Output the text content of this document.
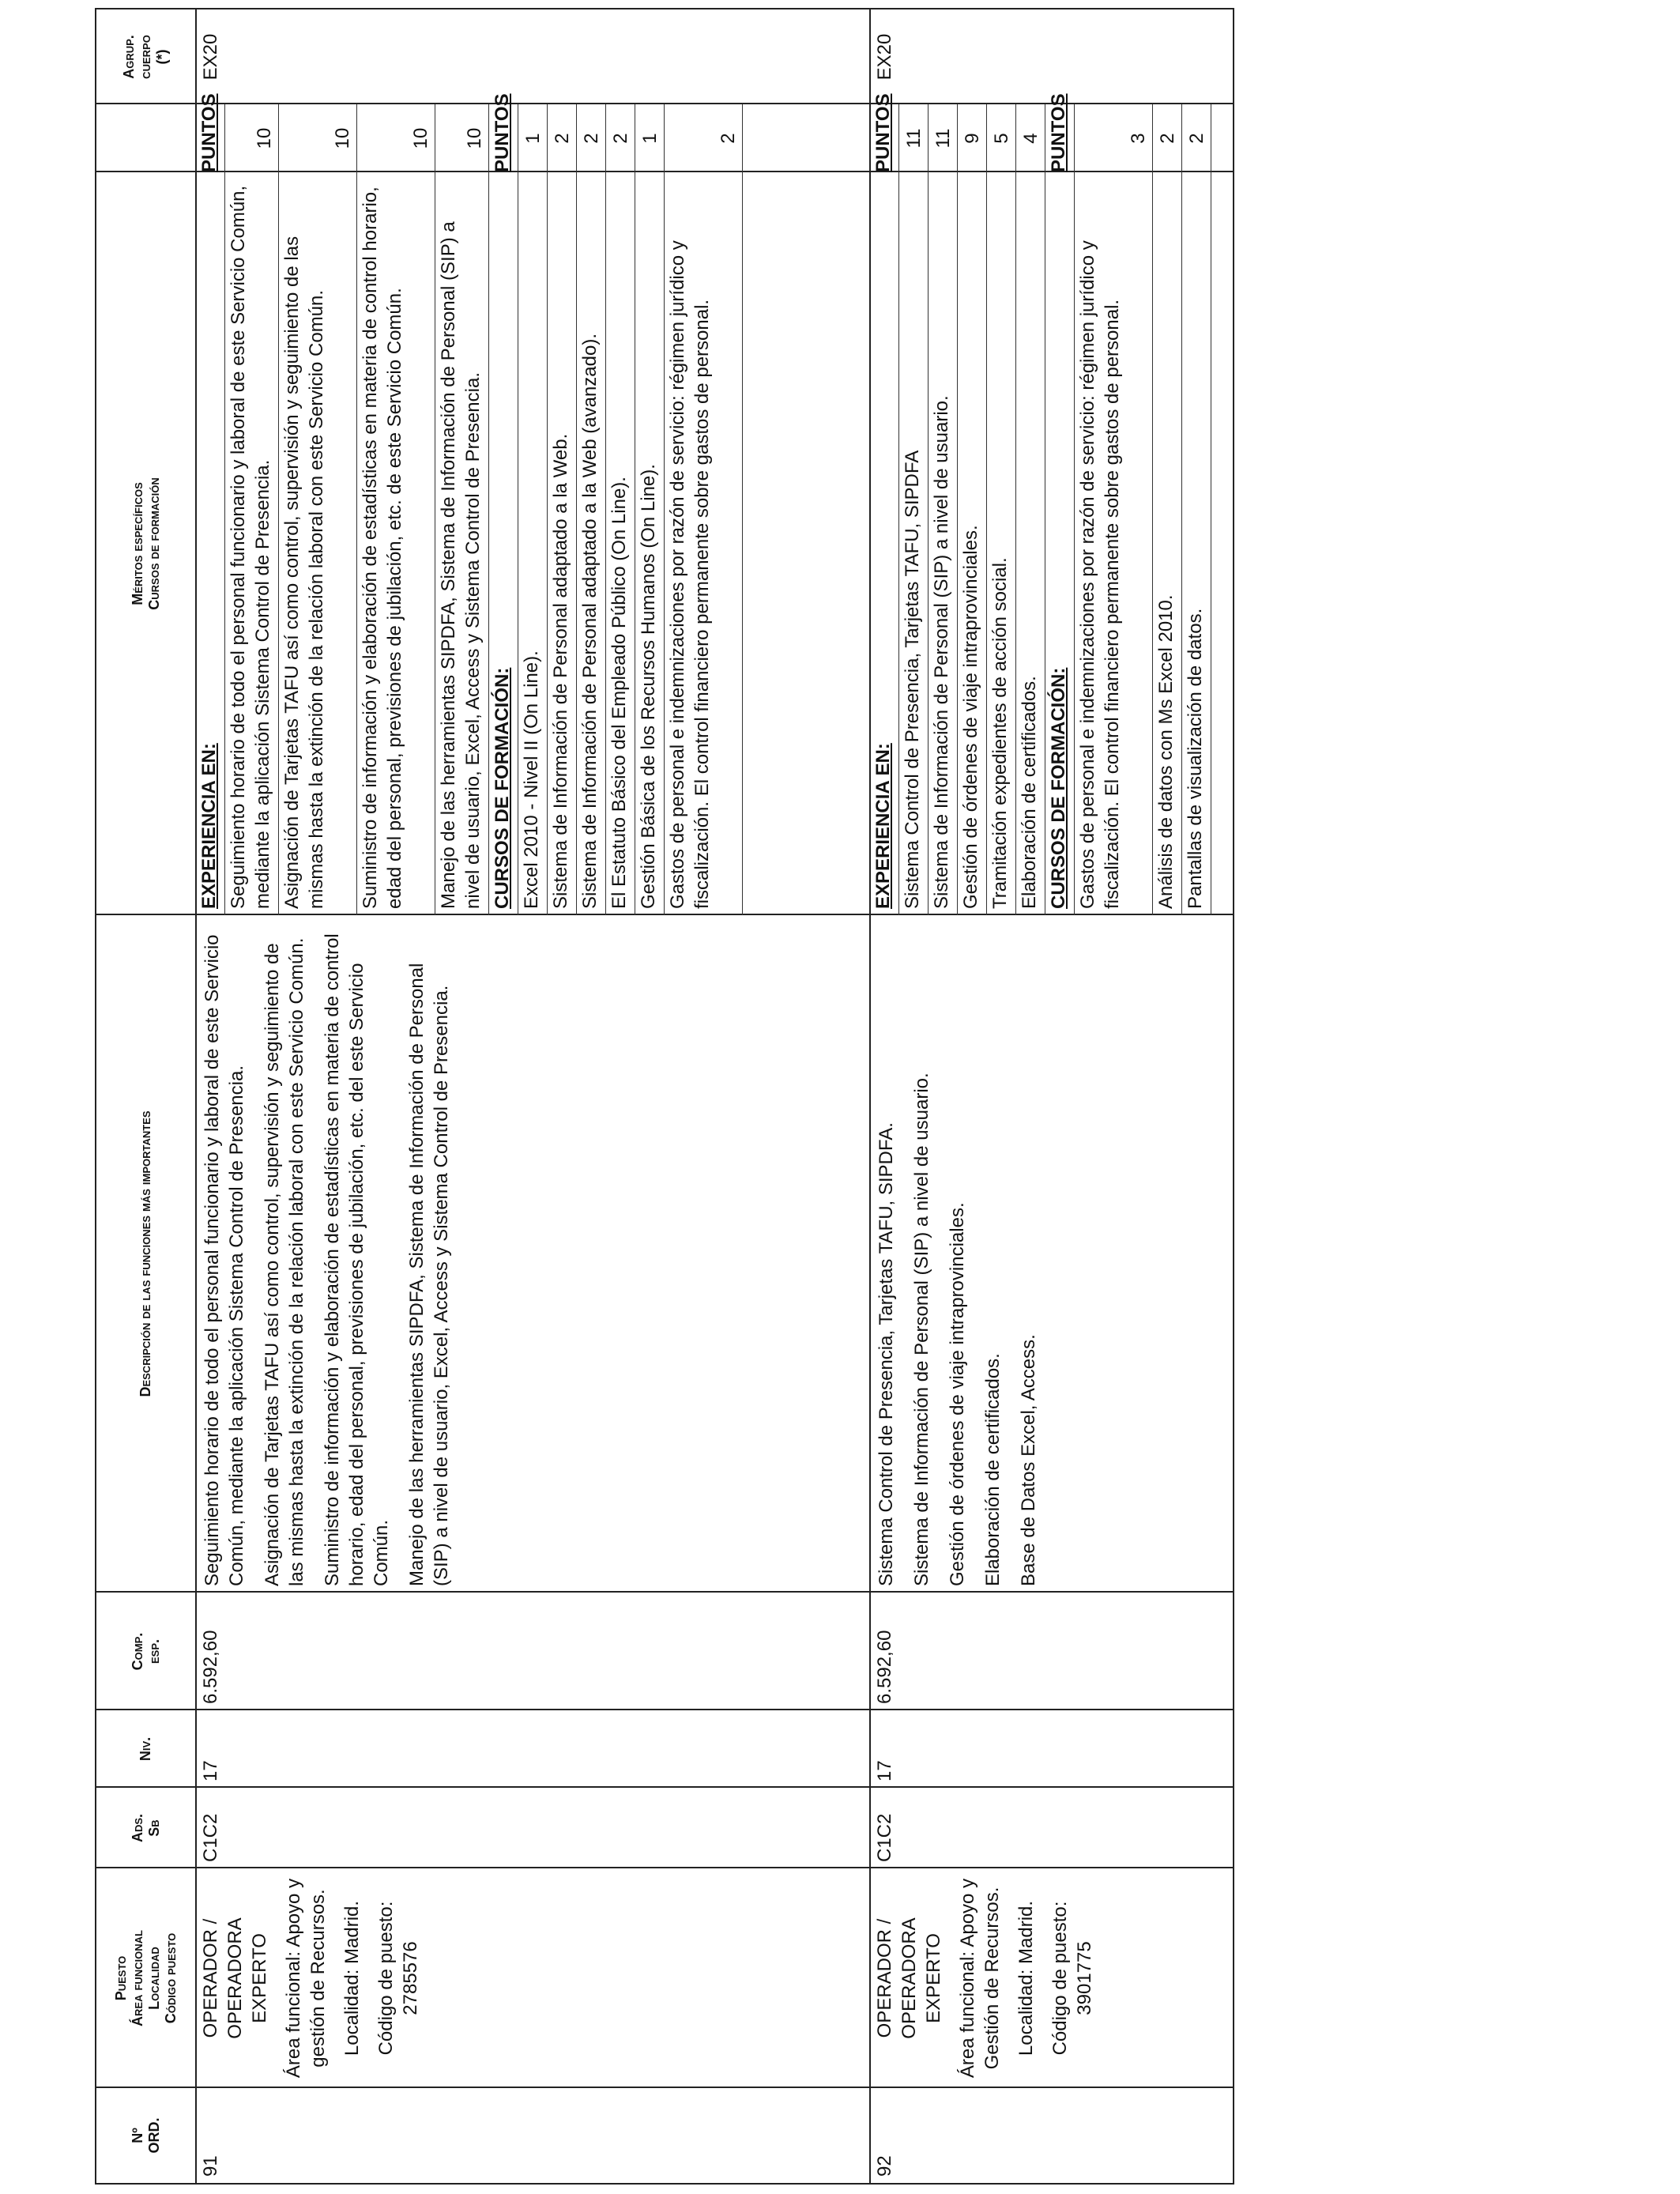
Nº ORD.
Puesto Área funcional Localidad Código puesto
Ads. Sb
Niv.
Comp. esp.
Descripción de las funciones más importantes
Méritos específicos Cursos de formación
Agrup. cuerpo (*)
91
OPERADOR / OPERADORA EXPERTO Área funcional: Apoyo y gestión de Recursos. Localidad: Madrid. Código de puesto: 2785576
C1C2
17
6.592,60

Seguimiento horario de todo el personal funcionario y laboral de este Servicio Común, mediante la aplicación Sistema Control de Presencia. Asignación de Tarjetas TAFU así como control, supervisión y seguimiento de las mismas hasta la extinción de la relación laboral con este Servicio Común. Suministro de información y elaboración de estadísticas en materia de control horario, edad del personal, previsiones de jubilación, etc. del este Servicio Común. Manejo de las herramientas SIPDFA, Sistema de Información de Personal (SIP) a nivel de usuario, Excel, Access y Sistema Control de Presencia.

EXPERIENCIA EN:
PUNTOS
Seguimiento horario de todo el personal funcionario y laboral de este Servicio Común, mediante la aplicación Sistema Control de Presencia.
10
Asignación de Tarjetas TAFU así como control, supervisión y seguimiento de las mismas hasta la extinción de la relación laboral con este Servicio Común.
10
Suministro de información y elaboración de estadísticas en materia de control horario, edad del personal, previsiones de jubilación, etc. de este Servicio Común.
10
Manejo de las herramientas SIPDFA, Sistema de Información de Personal (SIP) a nivel de usuario, Excel, Access y Sistema Control de Presencia.
10
CURSOS DE FORMACIÓN:
PUNTOS
Excel 2010 - Nivel II (On Line).
1
Sistema de Información de Personal adaptado a la Web.
2
Sistema de Información de Personal adaptado a la Web (avanzado).
2
El Estatuto Básico del Empleado Público (On Line).
2
Gestión Básica de los Recursos Humanos (On Line).
1
Gastos de personal e indemnizaciones por razón de servicio: régimen jurídico y fiscalización. El control financiero permanente sobre gastos de personal.
2
EX20
92
OPERADOR / OPERADORA EXPERTO Área funcional: Apoyo y Gestión de Recursos. Localidad: Madrid. Código de puesto: 3901775
C1C2
17
6.592,60

Sistema Control de Presencia, Tarjetas TAFU, SIPDFA. Sistema de Información de Personal (SIP) a nivel de usuario. Gestión de órdenes de viaje intraprovinciales. Elaboración de certificados. Base de Datos Excel, Access.

EXPERIENCIA EN:
PUNTOS
Sistema Control de Presencia, Tarjetas TAFU, SIPDFA
11
Sistema de Información de Personal (SIP) a nivel de usuario.
11
Gestión de órdenes de viaje intraprovinciales.
9
Tramitación expedientes de acción social.
5
Elaboración de certificados.
4
CURSOS DE FORMACIÓN:
PUNTOS
Gastos de personal e indemnizaciones por razón de servicio: régimen jurídico y fiscalización. El control financiero permanente sobre gastos de personal.
3
Análisis de datos con Ms Excel 2010.
2
Pantallas de visualización de datos.
2
EX20
